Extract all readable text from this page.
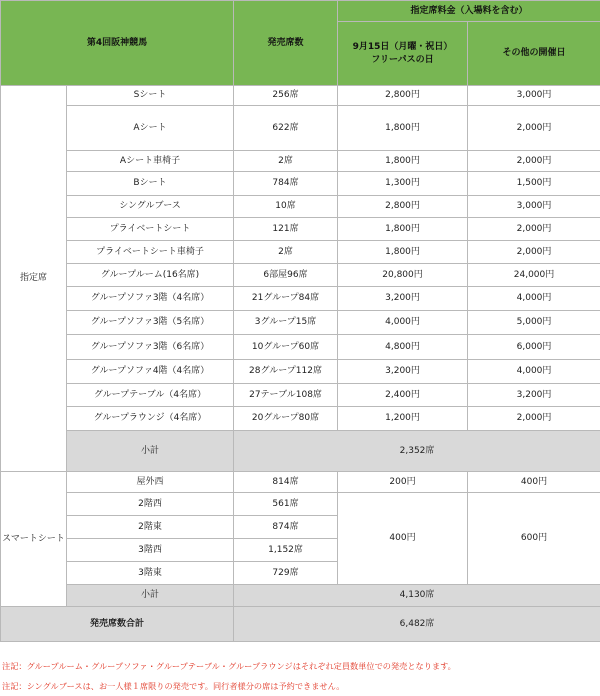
第4回阪神競馬		発売席数	指定席料金（入場料を含む）	

			9月15日（月曜・祝日）
フリーパスの日	その他の開催日
指定席	Sシート	256席	2,800円	3,000円
	Aシート	622席	1,800円	2,000円
	Aシート車椅子	2席	1,800円	2,000円
	Bシート	784席	1,300円	1,500円
	シングルブース	10席	2,800円	3,000円
	プライベートシート	121席	1,800円	2,000円
	プライベートシート車椅子	2席	1,800円	2,000円
	グループルーム(16名席)	6部屋96席	20,800円	24,000円
	グループソファ3階（4名席）	21グループ84席	3,200円	4,000円
	グループソファ3階（5名席）	3グループ15席	4,000円	5,000円
	グループソファ3階（6名席）	10グループ60席	4,800円	6,000円
	グループソファ4階（4名席）	28グループ112席	3,200円	4,000円
	グループテーブル（4名席）	27テーブル108席	2,400円	3,200円
	グループラウンジ（4名席）	20グループ80席	1,200円	2,000円
	小計	2,352席		
スマートシート	屋外西	814席	200円	400円
	2階西	561席	400円	600円
	2階東	874席		
	3階西	1,152席		
	3階東	729席		
	小計	4,130席		
発売席数合計		6,482席		
注記：グループルーム・グループソファ・グループテーブル・グループラウンジはそれぞれ定員数単位での発売となります。
注記：シングルブースは、お一人様１席限りの発売です。同行者様分の席は予約できません。
